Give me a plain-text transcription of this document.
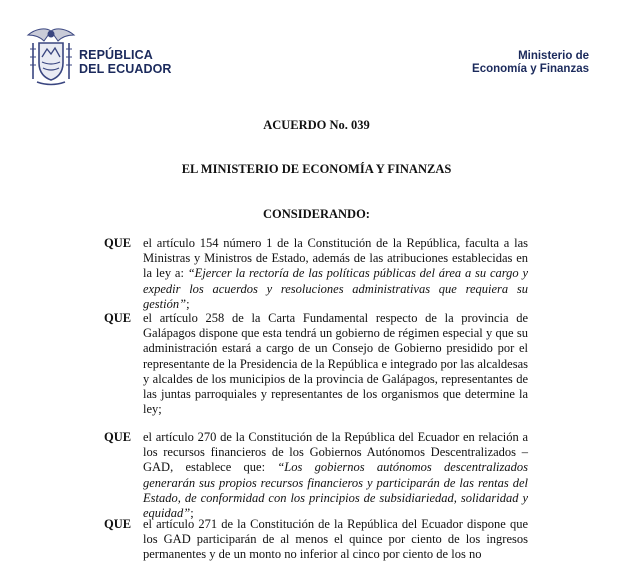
REPÚBLICA
DEL ECUADOR
Ministerio de
Economía y Finanzas
ACUERDO No. 039
EL MINISTERIO DE ECONOMÍA Y FINANZAS
CONSIDERANDO:
QUE el artículo 154 número 1 de la Constitución de la República, faculta a las Ministras y Ministros de Estado, además de las atribuciones establecidas en la ley a: “Ejercer la rectoría de las políticas públicas del área a su cargo y expedir los acuerdos y resoluciones administrativas que requiera su gestión”;
QUE el artículo 258 de la Carta Fundamental respecto de la provincia de Galápagos dispone que esta tendrá un gobierno de régimen especial y que su administración estará a cargo de un Consejo de Gobierno presidido por el representante de la Presidencia de la República e integrado por las alcaldesas y alcaldes de los municipios de la provincia de Galápagos, representantes de las juntas parroquiales y representantes de los organismos que determine la ley;
QUE el artículo 270 de la Constitución de la República del Ecuador en relación a los recursos financieros de los Gobiernos Autónomos Descentralizados – GAD, establece que: “Los gobiernos autónomos descentralizados generarán sus propios recursos financieros y participarán de las rentas del Estado, de conformidad con los principios de subsidiariedad, solidaridad y equidad”;
QUE el artículo 271 de la Constitución de la República del Ecuador dispone que los GAD participarán de al menos el quince por ciento de los ingresos permanentes y de un monto no inferior al cinco por ciento de los no
